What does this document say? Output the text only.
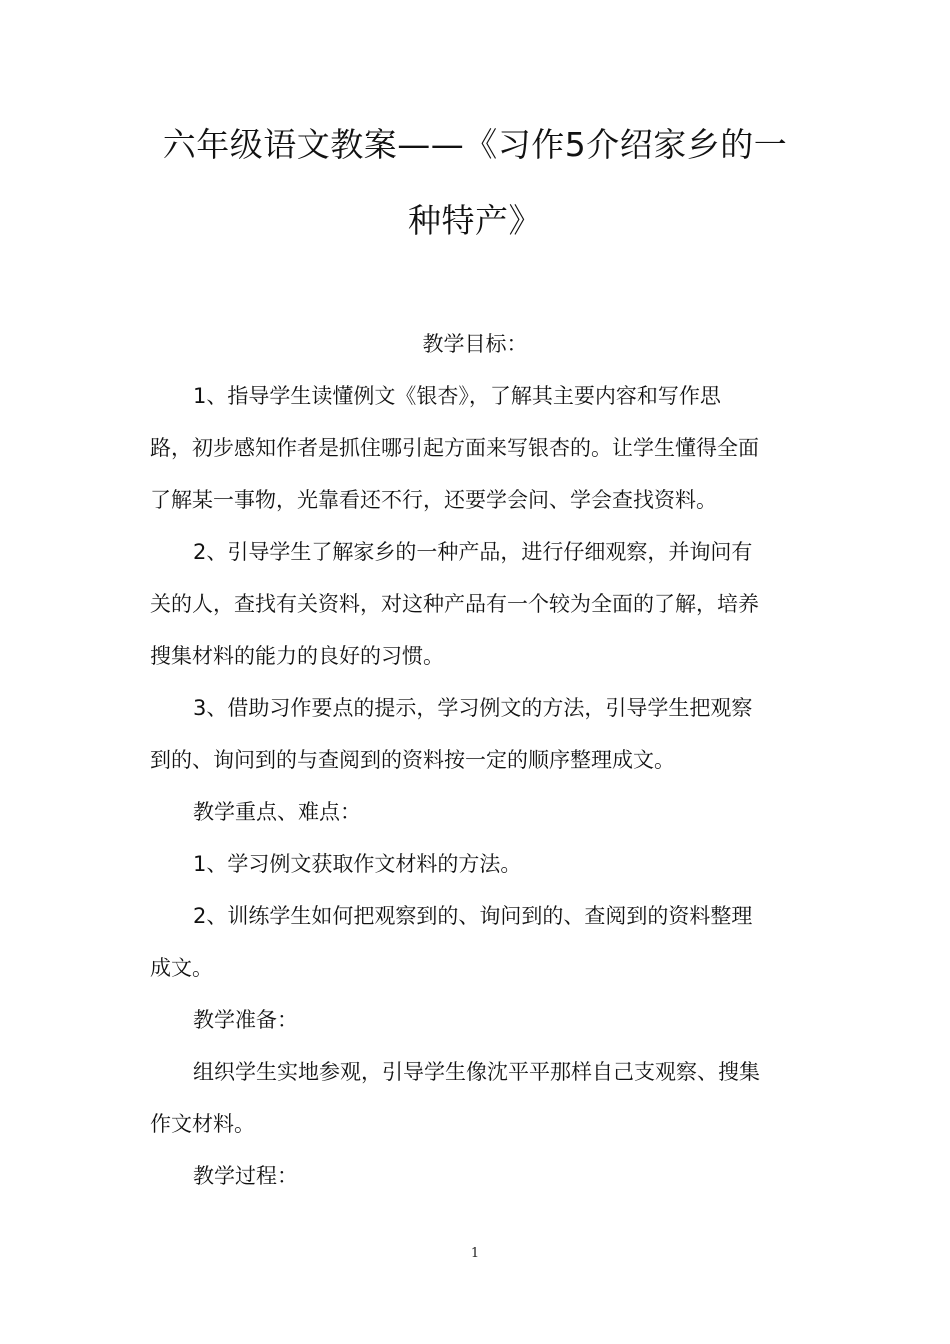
六年级语文教案——《习作5介绍家乡的一
种特产》
教学目标：
1、指导学生读懂例文《银杏》，了解其主要内容和写作思
路，初步感知作者是抓住哪引起方面来写银杏的。让学生懂得全面
了解某一事物，光靠看还不行，还要学会问、学会查找资料。
2、引导学生了解家乡的一种产品，进行仔细观察，并询问有
关的人，查找有关资料，对这种产品有一个较为全面的了解，培养
搜集材料的能力的良好的习惯。
3、借助习作要点的提示，学习例文的方法，引导学生把观察
到的、询问到的与查阅到的资料按一定的顺序整理成文。
教学重点、难点：
1、学习例文获取作文材料的方法。
2、训练学生如何把观察到的、询问到的、查阅到的资料整理
成文。
教学准备：
组织学生实地参观，引导学生像沈平平那样自己支观察、搜集
作文材料。
教学过程：
1
